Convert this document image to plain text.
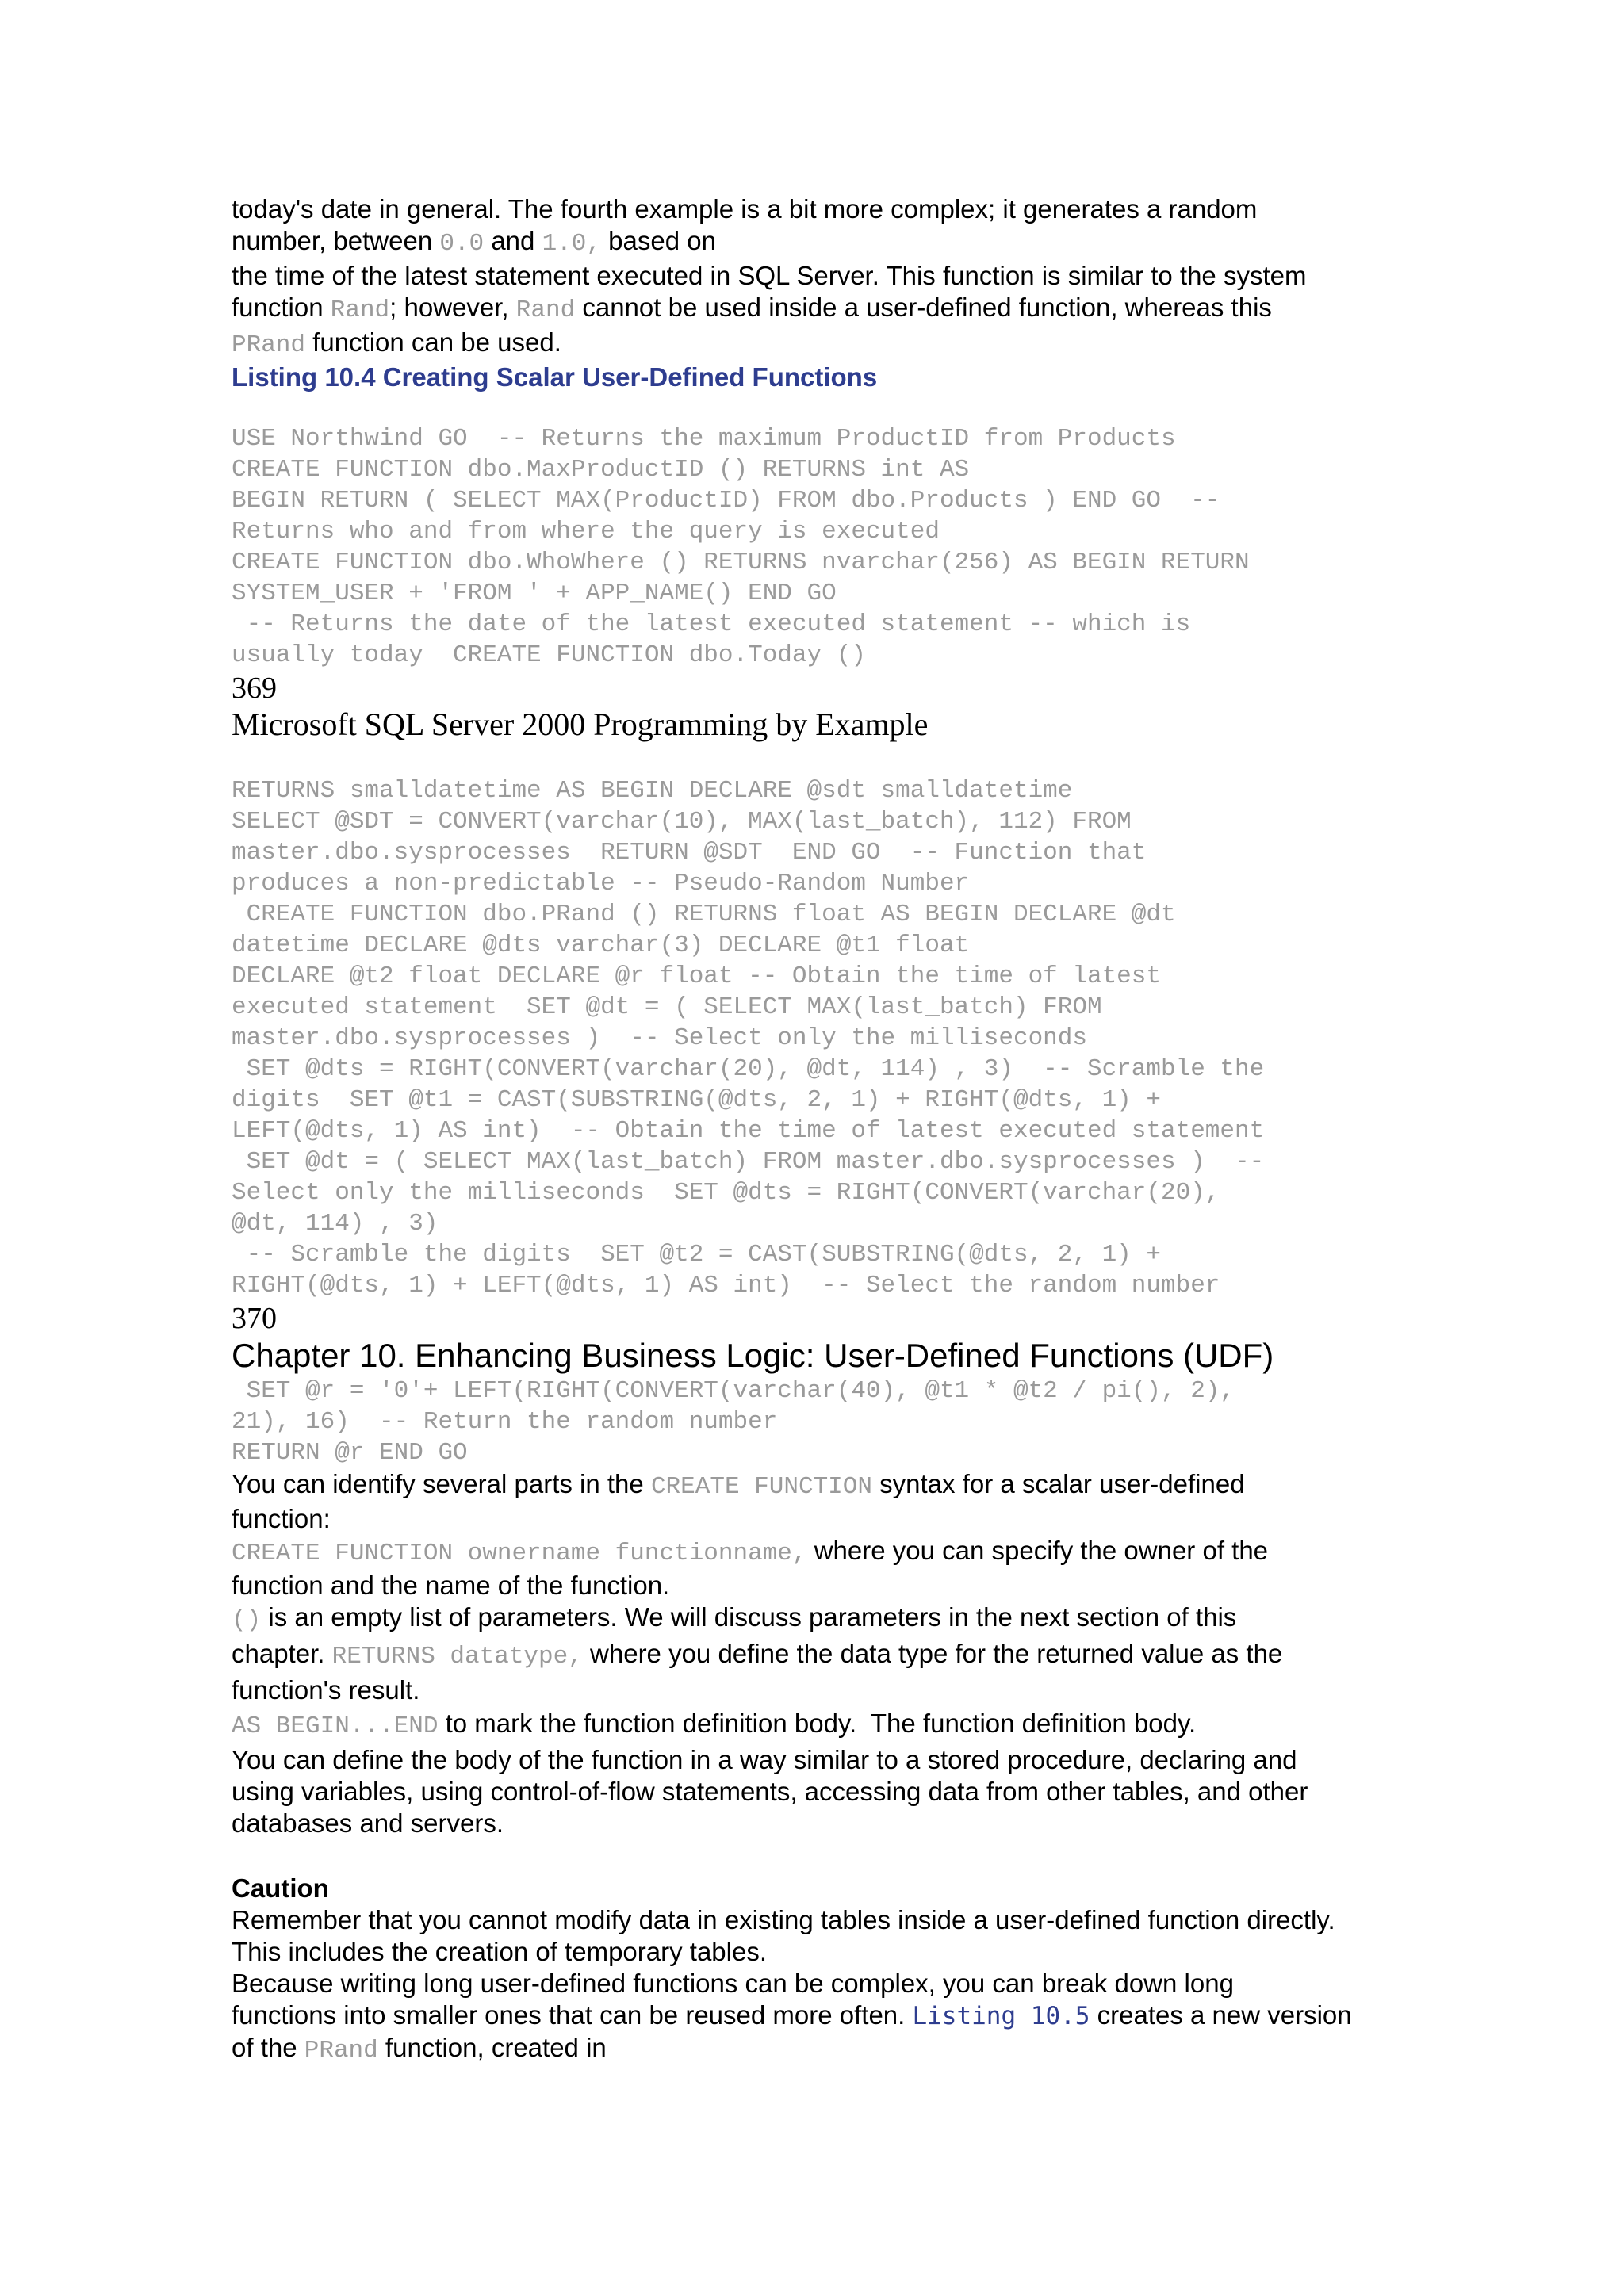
today's date in general. The fourth example is a bit more complex; it generates a random

number, between 0.0 and 1.0, based on

the time of the latest statement executed in SQL Server. This function is similar to the system

function Rand; however, Rand cannot be used inside a user-defined function, whereas this

PRand function can be used.

Listing 10.4 Creating Scalar User-Defined Functions

USE Northwind GO  -- Returns the maximum ProductID from Products

CREATE FUNCTION dbo.MaxProductID () RETURNS int AS

BEGIN RETURN ( SELECT MAX(ProductID) FROM dbo.Products ) END GO  --

Returns who and from where the query is executed

CREATE FUNCTION dbo.WhoWhere () RETURNS nvarchar(256) AS BEGIN RETURN

SYSTEM_USER + 'FROM ' + APP_NAME() END GO

-- Returns the date of the latest executed statement -- which is

usually today  CREATE FUNCTION dbo.Today ()

369

Microsoft SQL Server 2000 Programming by Example

RETURNS smalldatetime AS BEGIN DECLARE @sdt smalldatetime

SELECT @SDT = CONVERT(varchar(10), MAX(last_batch), 112) FROM

master.dbo.sysprocesses  RETURN @SDT  END GO  -- Function that

produces a non-predictable -- Pseudo-Random Number

CREATE FUNCTION dbo.PRand () RETURNS float AS BEGIN DECLARE @dt

datetime DECLARE @dts varchar(3) DECLARE @t1 float

DECLARE @t2 float DECLARE @r float -- Obtain the time of latest

executed statement  SET @dt = ( SELECT MAX(last_batch) FROM

master.dbo.sysprocesses )  -- Select only the milliseconds

SET @dts = RIGHT(CONVERT(varchar(20), @dt, 114) , 3)  -- Scramble the

digits  SET @t1 = CAST(SUBSTRING(@dts, 2, 1) + RIGHT(@dts, 1) +

LEFT(@dts, 1) AS int)  -- Obtain the time of latest executed statement

SET @dt = ( SELECT MAX(last_batch) FROM master.dbo.sysprocesses )  --

Select only the milliseconds  SET @dts = RIGHT(CONVERT(varchar(20),

@dt, 114) , 3)

-- Scramble the digits  SET @t2 = CAST(SUBSTRING(@dts, 2, 1) +

RIGHT(@dts, 1) + LEFT(@dts, 1) AS int)  -- Select the random number

370

Chapter 10. Enhancing Business Logic: User-Defined Functions (UDF)

SET @r = '0'+ LEFT(RIGHT(CONVERT(varchar(40), @t1 * @t2 / pi(), 2),

21), 16)  -- Return the random number

RETURN @r END GO

You can identify several parts in the CREATE FUNCTION syntax for a scalar user-defined

function:

CREATE FUNCTION ownername functionname, where you can specify the owner of the

function and the name of the function.

() is an empty list of parameters. We will discuss parameters in the next section of this

chapter. RETURNS datatype, where you define the data type for the returned value as the

function's result.

AS BEGIN...END to mark the function definition body.  The function definition body.

You can define the body of the function in a way similar to a stored procedure, declaring and

using variables, using control-of-flow statements, accessing data from other tables, and other

databases and servers.

Caution

Remember that you cannot modify data in existing tables inside a user-defined function directly.

This includes the creation of temporary tables.

Because writing long user-defined functions can be complex, you can break down long

functions into smaller ones that can be reused more often. Listing 10.5 creates a new version

of the PRand function, created in
